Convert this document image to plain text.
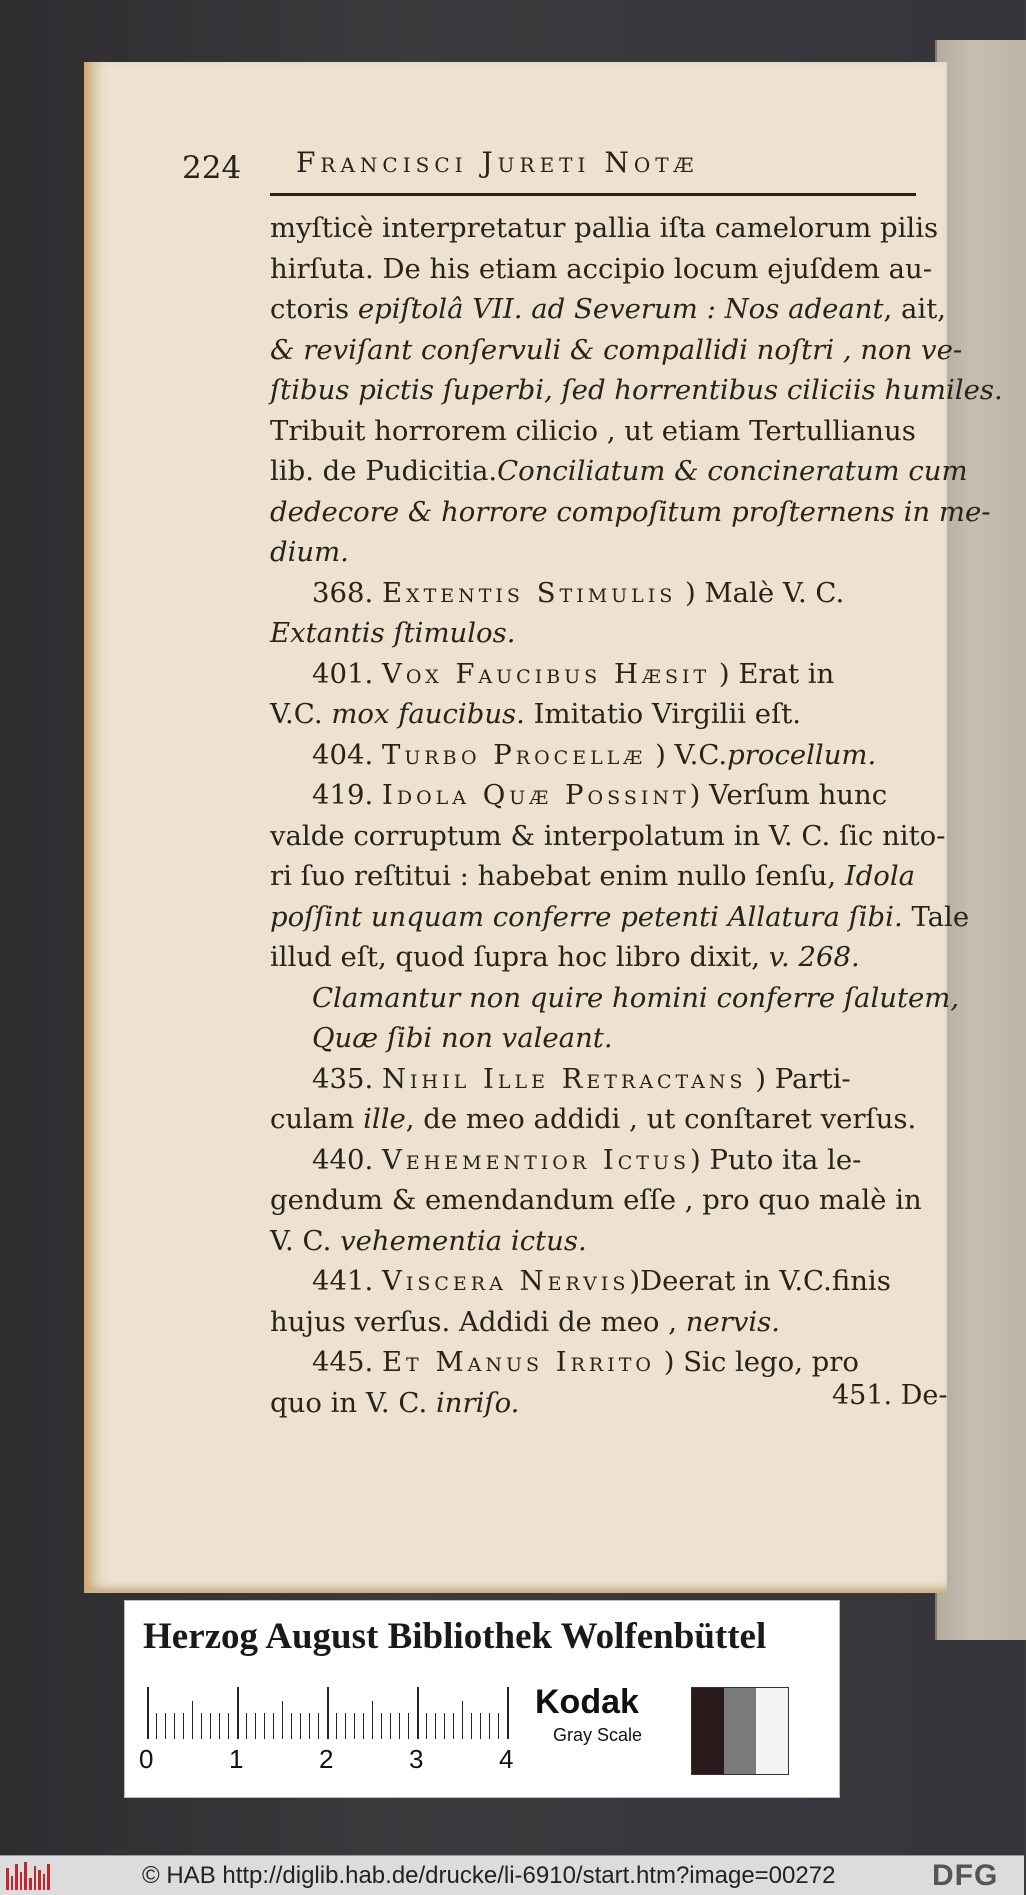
224 Francisci Jureti Notæ
myſticè interpretatur pallia iſta camelorum pilis
hirſuta. De his etiam accipio locum ejuſdem au-
ctoris epiſtolâ VII. ad Severum : Nos adeant, ait,
& reviſant conſervuli & compallidi noſtri , non ve-
ſtibus pictis ſuperbi, ſed horrentibus ciliciis humiles.
Tribuit horrorem cilicio , ut etiam Tertullianus
lib. de Pudicitia.Conciliatum & concineratum cum
dedecore & horrore compoſitum proſternens in me-
dium.
368. Extentis Stimulis ) Malè V. C.
Extantis ſtimulos.
401. Vox Faucibus Hæsit ) Erat in
V.C. mox faucibus. Imitatio Virgilii eſt.
404. Turbo Procellæ ) V.C.procellum.
419. Idola Quæ Possint) Verſum hunc
valde corruptum & interpolatum in V. C. ſic nito-
ri ſuo reſtitui : habebat enim nullo ſenſu, Idola
poſſint unquam conferre petenti Allatura ſibi. Tale
illud eſt, quod ſupra hoc libro dixit, v. 268.
Clamantur non quire homini conferre ſalutem,
Quæ ſibi non valeant.
435. Nihil Ille Retractans ) Parti-
culam ille, de meo addidi , ut conſtaret verſus.
440. Vehementior Ictus) Puto ita le-
gendum & emendandum eſſe , pro quo malè in
V. C. vehementia ictus.
441. Viscera Nervis)Deerat in V.C.finis
hujus verſus. Addidi de meo , nervis.
445. Et Manus Irrito ) Sic lego, pro
quo in V. C. inriſo.	451. De-
Herzog August Bibliothek Wolfenbüttel
0	1	2	3	4
Kodak
Gray Scale
© HAB http://diglib.hab.de/drucke/li-6910/start.htm?image=00272	DFG
